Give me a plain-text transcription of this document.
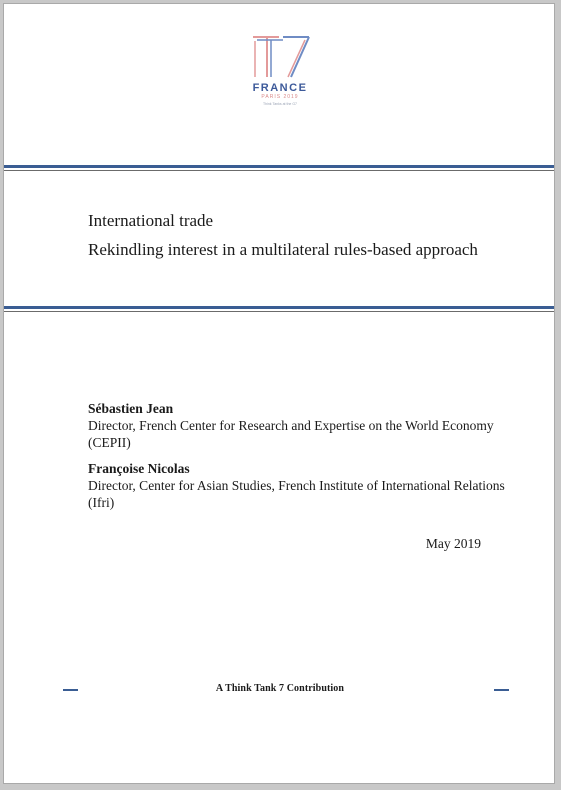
FRANCE
PARIS 2019
Think Tanks at the G7
International trade
Rekindling interest in a multilateral rules-based approach
Sébastien Jean
Director, French Center for Research and Expertise on the World Economy (CEPII)
Françoise Nicolas
Director, Center for Asian Studies, French Institute of International Relations (Ifri)
May 2019
A Think Tank 7 Contribution
